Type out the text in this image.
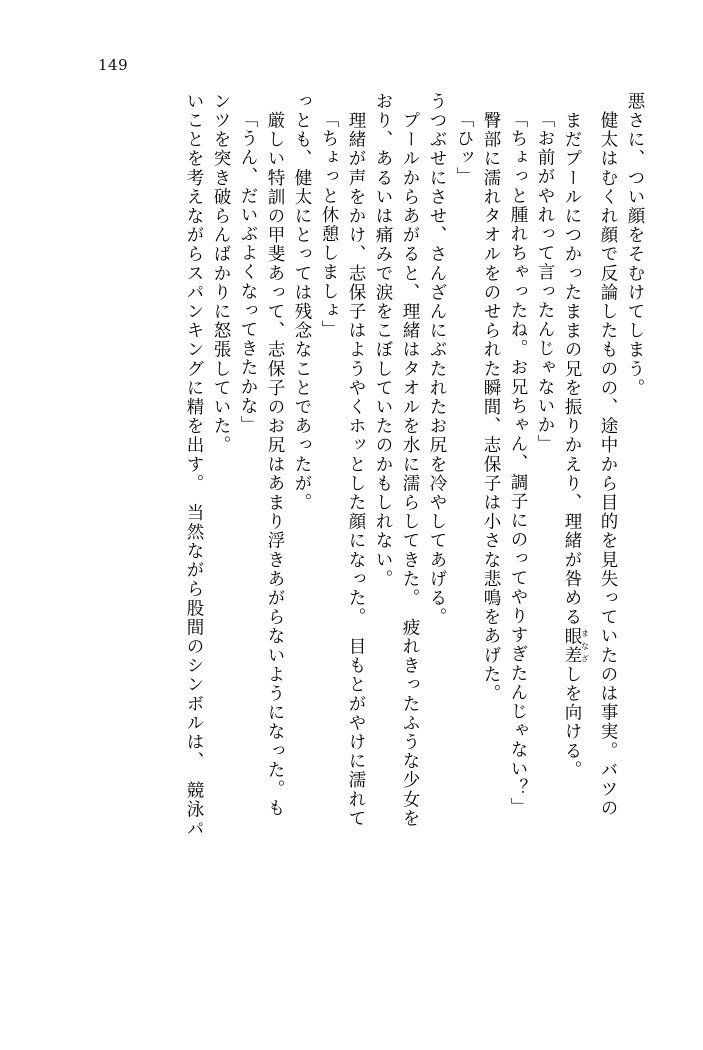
149
いことを考えながらスパンキングに精を出す。　当然ながら股間のシンボルは、　競泳パ ンツを突き破らんばかりに怒張していた。 「うん、だいぶよくなってきたかな」 　厳しい特訓の甲斐あって、志保子のお尻はあまり浮きあがらないようになった。も っとも、健太にとっては残念なことであったが。 「ちょっと休憩しましょ」 　理緒が声をかけ、志保子はようやくホッとした顔になった。　目もとがやけに濡れて おり、あるいは痛みで涙をこぼしていたのかもしれない。 　プールからあがると、理緒はタオルを水に濡らしてきた。　疲れきったふうな少女を うつぶせにさせ、さんざんにぶたれたお尻を冷やしてあげる。 「ひッ」 　臀部に濡れタオルをのせられた瞬間、志保子は小さな悲鳴をあげた。 「ちょっと腫れちゃったね。お兄ちゃん、調子にのってやりすぎたんじゃない？」 「お前がやれって言ったんじゃないか」 　まだプールにつかったままの兄を振りかえり、理緒が咎める眼差まなざしを向ける。 　健太はむくれ顔で反論したものの、途中から目的を見失っていたのは事実。バツの 悪さに、つい顔をそむけてしまう。
